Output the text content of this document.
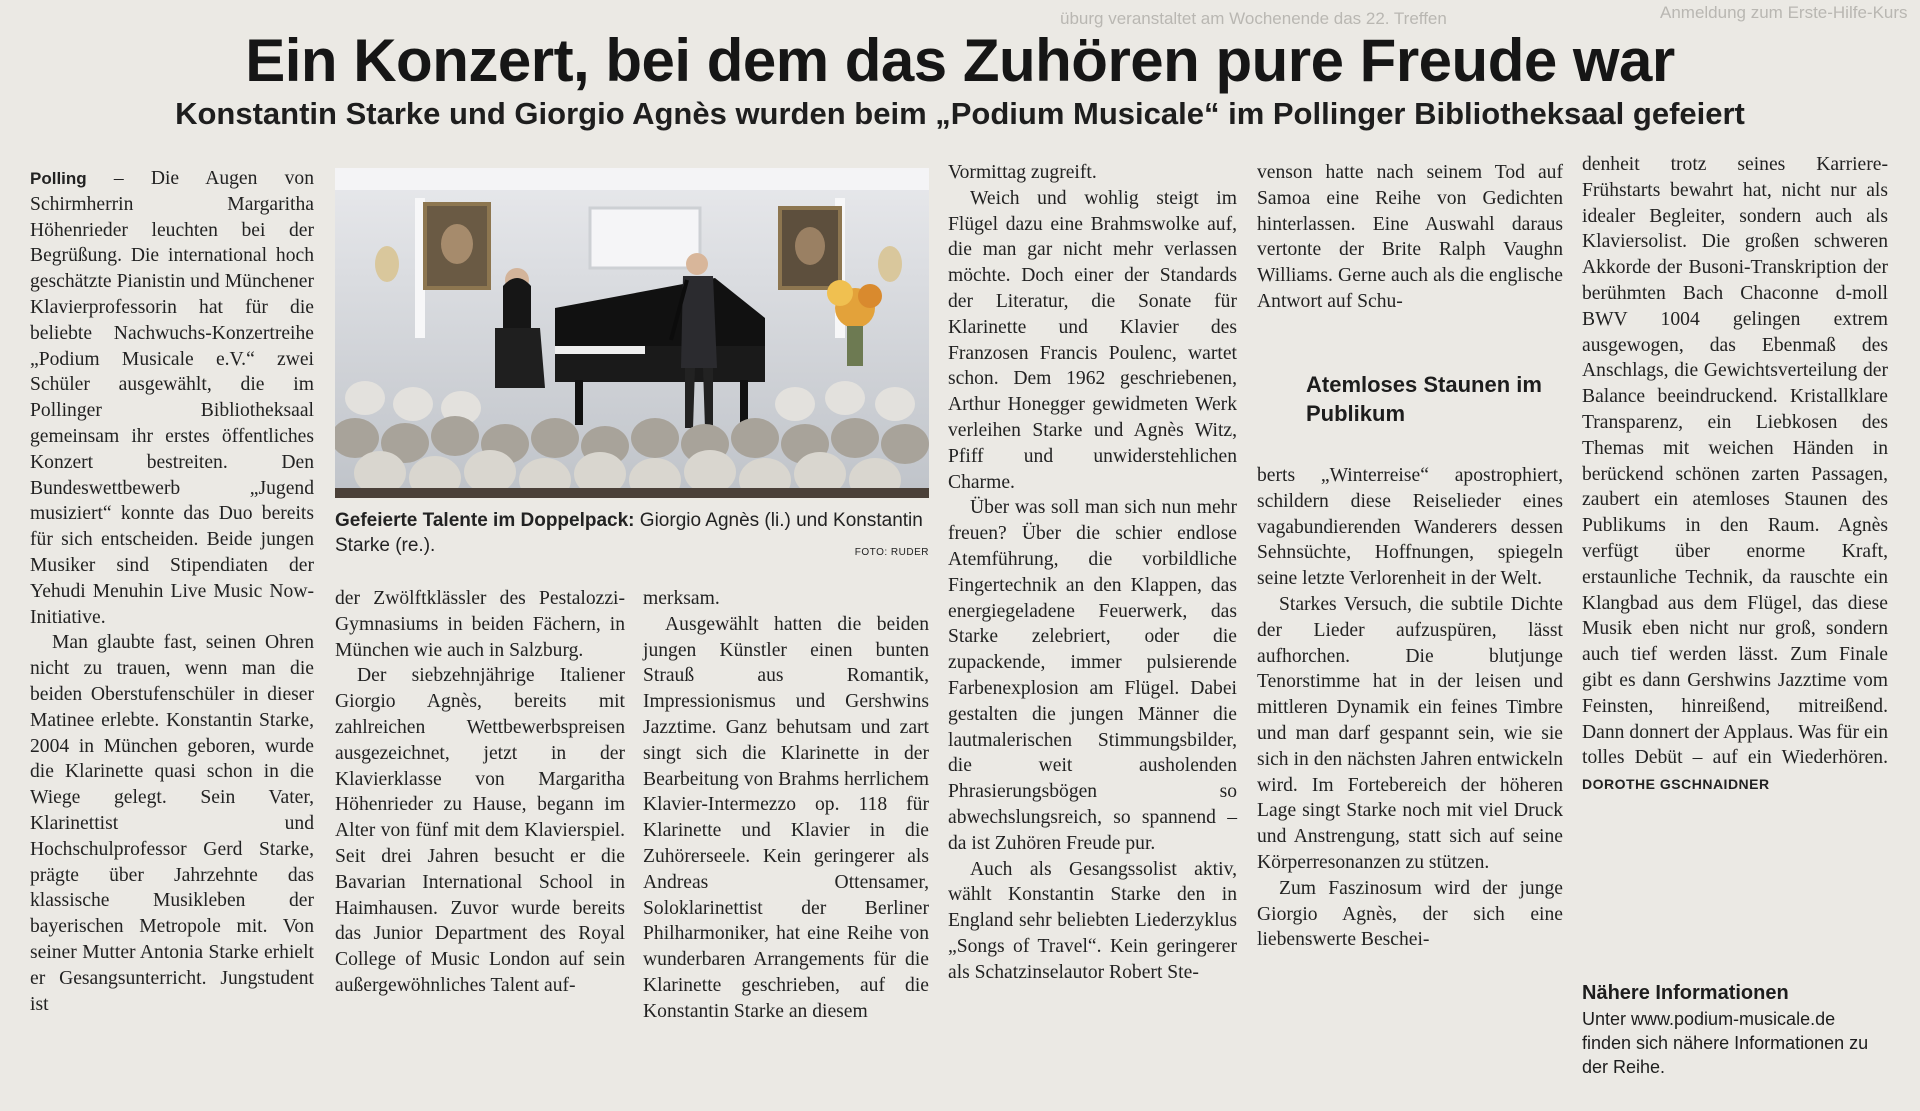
üburg veranstaltet am Wochenende das 22. Treffen	Anmeldung zum Erste-Hilfe-Kurs
Ein Konzert, bei dem das Zuhören pure Freude war
Konstantin Starke und Giorgio Agnès wurden beim „Podium Musicale“ im Pollinger Bibliotheksaal gefeiert

Polling – Die Augen von Schirmherrin Margaritha Höhenrieder leuchten bei der Begrüßung. Die international hoch geschätzte Pianistin und Münchener Klavierprofessorin hat für die beliebte Nachwuchs-Konzertreihe „Podium Musicale e.V.“ zwei Schüler ausgewählt, die im Pollinger Bibliotheksaal gemeinsam ihr erstes öffentliches Konzert bestreiten. Den Bundeswettbewerb „Jugend musiziert“ konnte das Duo bereits für sich entscheiden. Beide jungen Musiker sind Stipendiaten der Yehudi Menuhin Live Music Now-Initiative.

Man glaubte fast, seinen Ohren nicht zu trauen, wenn man die beiden Oberstufenschüler in dieser Matinee erlebte. Konstantin Starke, 2004 in München geboren, wurde die Klarinette quasi schon in die Wiege gelegt. Sein Vater, Klarinettist und Hochschulprofessor Gerd Starke, prägte über Jahrzehnte das klassische Musikleben der bayerischen Metropole mit. Von seiner Mutter Antonia Starke erhielt er Gesangsunterricht. Jungstudent ist

Gefeierte Talente im Doppelpack: Giorgio Agnès (li.) und Konstantin Starke (re.).	FOTO: RUDER

der Zwölftklässler des Pestalozzi-Gymnasiums in beiden Fächern, in München wie auch in Salzburg.

Der siebzehnjährige Italiener Giorgio Agnès, bereits mit zahlreichen Wettbewerbspreisen ausgezeichnet, jetzt in der Klavierklasse von Margaritha Höhenrieder zu Hause, begann im Alter von fünf mit dem Klavierspiel. Seit drei Jahren besucht er die Bavarian International School in Haimhausen. Zuvor wurde bereits das Junior Department des Royal College of Music London auf sein außergewöhnliches Talent auf-

merksam.

Ausgewählt hatten die beiden jungen Künstler einen bunten Strauß aus Romantik, Impressionismus und Gershwins Jazztime. Ganz behutsam und zart singt sich die Klarinette in der Bearbeitung von Brahms herrlichem Klavier-Intermezzo op. 118 für Klarinette und Klavier in die Zuhörerseele. Kein geringerer als Andreas Ottensamer, Soloklarinettist der Berliner Philharmoniker, hat eine Reihe von wunderbaren Arrangements für die Klarinette geschrieben, auf die Konstantin Starke an diesem

Vormittag zugreift.

Weich und wohlig steigt im Flügel dazu eine Brahmswolke auf, die man gar nicht mehr verlassen möchte. Doch einer der Standards der Literatur, die Sonate für Klarinette und Klavier des Franzosen Francis Poulenc, wartet schon. Dem 1962 geschriebenen, Arthur Honegger gewidmeten Werk verleihen Starke und Agnès Witz, Pfiff und unwiderstehlichen Charme.

Über was soll man sich nun mehr freuen? Über die schier endlose Atemführung, die vorbildliche Fingertechnik an den Klappen, das energiegeladene Feuerwerk, das Starke zelebriert, oder die zupackende, immer pulsierende Farbenexplosion am Flügel. Dabei gestalten die jungen Männer die lautmalerischen Stimmungsbilder, die weit ausholenden Phrasierungsbögen so abwechslungsreich, so spannend – da ist Zuhören Freude pur.

Auch als Gesangssolist aktiv, wählt Konstantin Starke den in England sehr beliebten Liederzyklus „Songs of Travel“. Kein geringerer als Schatzinselautor Robert Ste-

venson hatte nach seinem Tod auf Samoa eine Reihe von Gedichten hinterlassen. Eine Auswahl daraus vertonte der Brite Ralph Vaughn Williams. Gerne auch als die englische Antwort auf Schu-

Atemloses Staunen im Publikum

berts „Winterreise“ apostrophiert, schildern diese Reiselieder eines vagabundierenden Wanderers dessen Sehnsüchte, Hoffnungen, spiegeln seine letzte Verlorenheit in der Welt.

Starkes Versuch, die subtile Dichte der Lieder aufzuspüren, lässt aufhorchen. Die blutjunge Tenorstimme hat in der leisen und mittleren Dynamik ein feines Timbre und man darf gespannt sein, wie sie sich in den nächsten Jahren entwickeln wird. Im Fortebereich der höheren Lage singt Starke noch mit viel Druck und Anstrengung, statt sich auf seine Körperresonanzen zu stützen.

Zum Faszinosum wird der junge Giorgio Agnès, der sich eine liebenswerte Beschei-

denheit trotz seines Karriere-Frühstarts bewahrt hat, nicht nur als idealer Begleiter, sondern auch als Klaviersolist. Die großen schweren Akkorde der Busoni-Transkription der berühmten Bach Chaconne d-moll BWV 1004 gelingen extrem ausgewogen, das Ebenmaß des Anschlags, die Gewichtsverteilung der Balance beeindruckend. Kristallklare Transparenz, ein Liebkosen des Themas mit weichen Händen in berückend schönen zarten Passagen, zaubert ein atemloses Staunen des Publikums in den Raum. Agnès verfügt über enorme Kraft, erstaunliche Technik, da rauschte ein Klangbad aus dem Flügel, das diese Musik eben nicht nur groß, sondern auch tief werden lässt. Zum Finale gibt es dann Gershwins Jazztime vom Feinsten, hinreißend, mitreißend. Dann donnert der Applaus. Was für ein tolles Debüt – auf ein Wiederhören. DOROTHE GSCHNAIDNER

Nähere Informationen

Unter www.podium-musicale.de finden sich nähere Informationen zu der Reihe.
